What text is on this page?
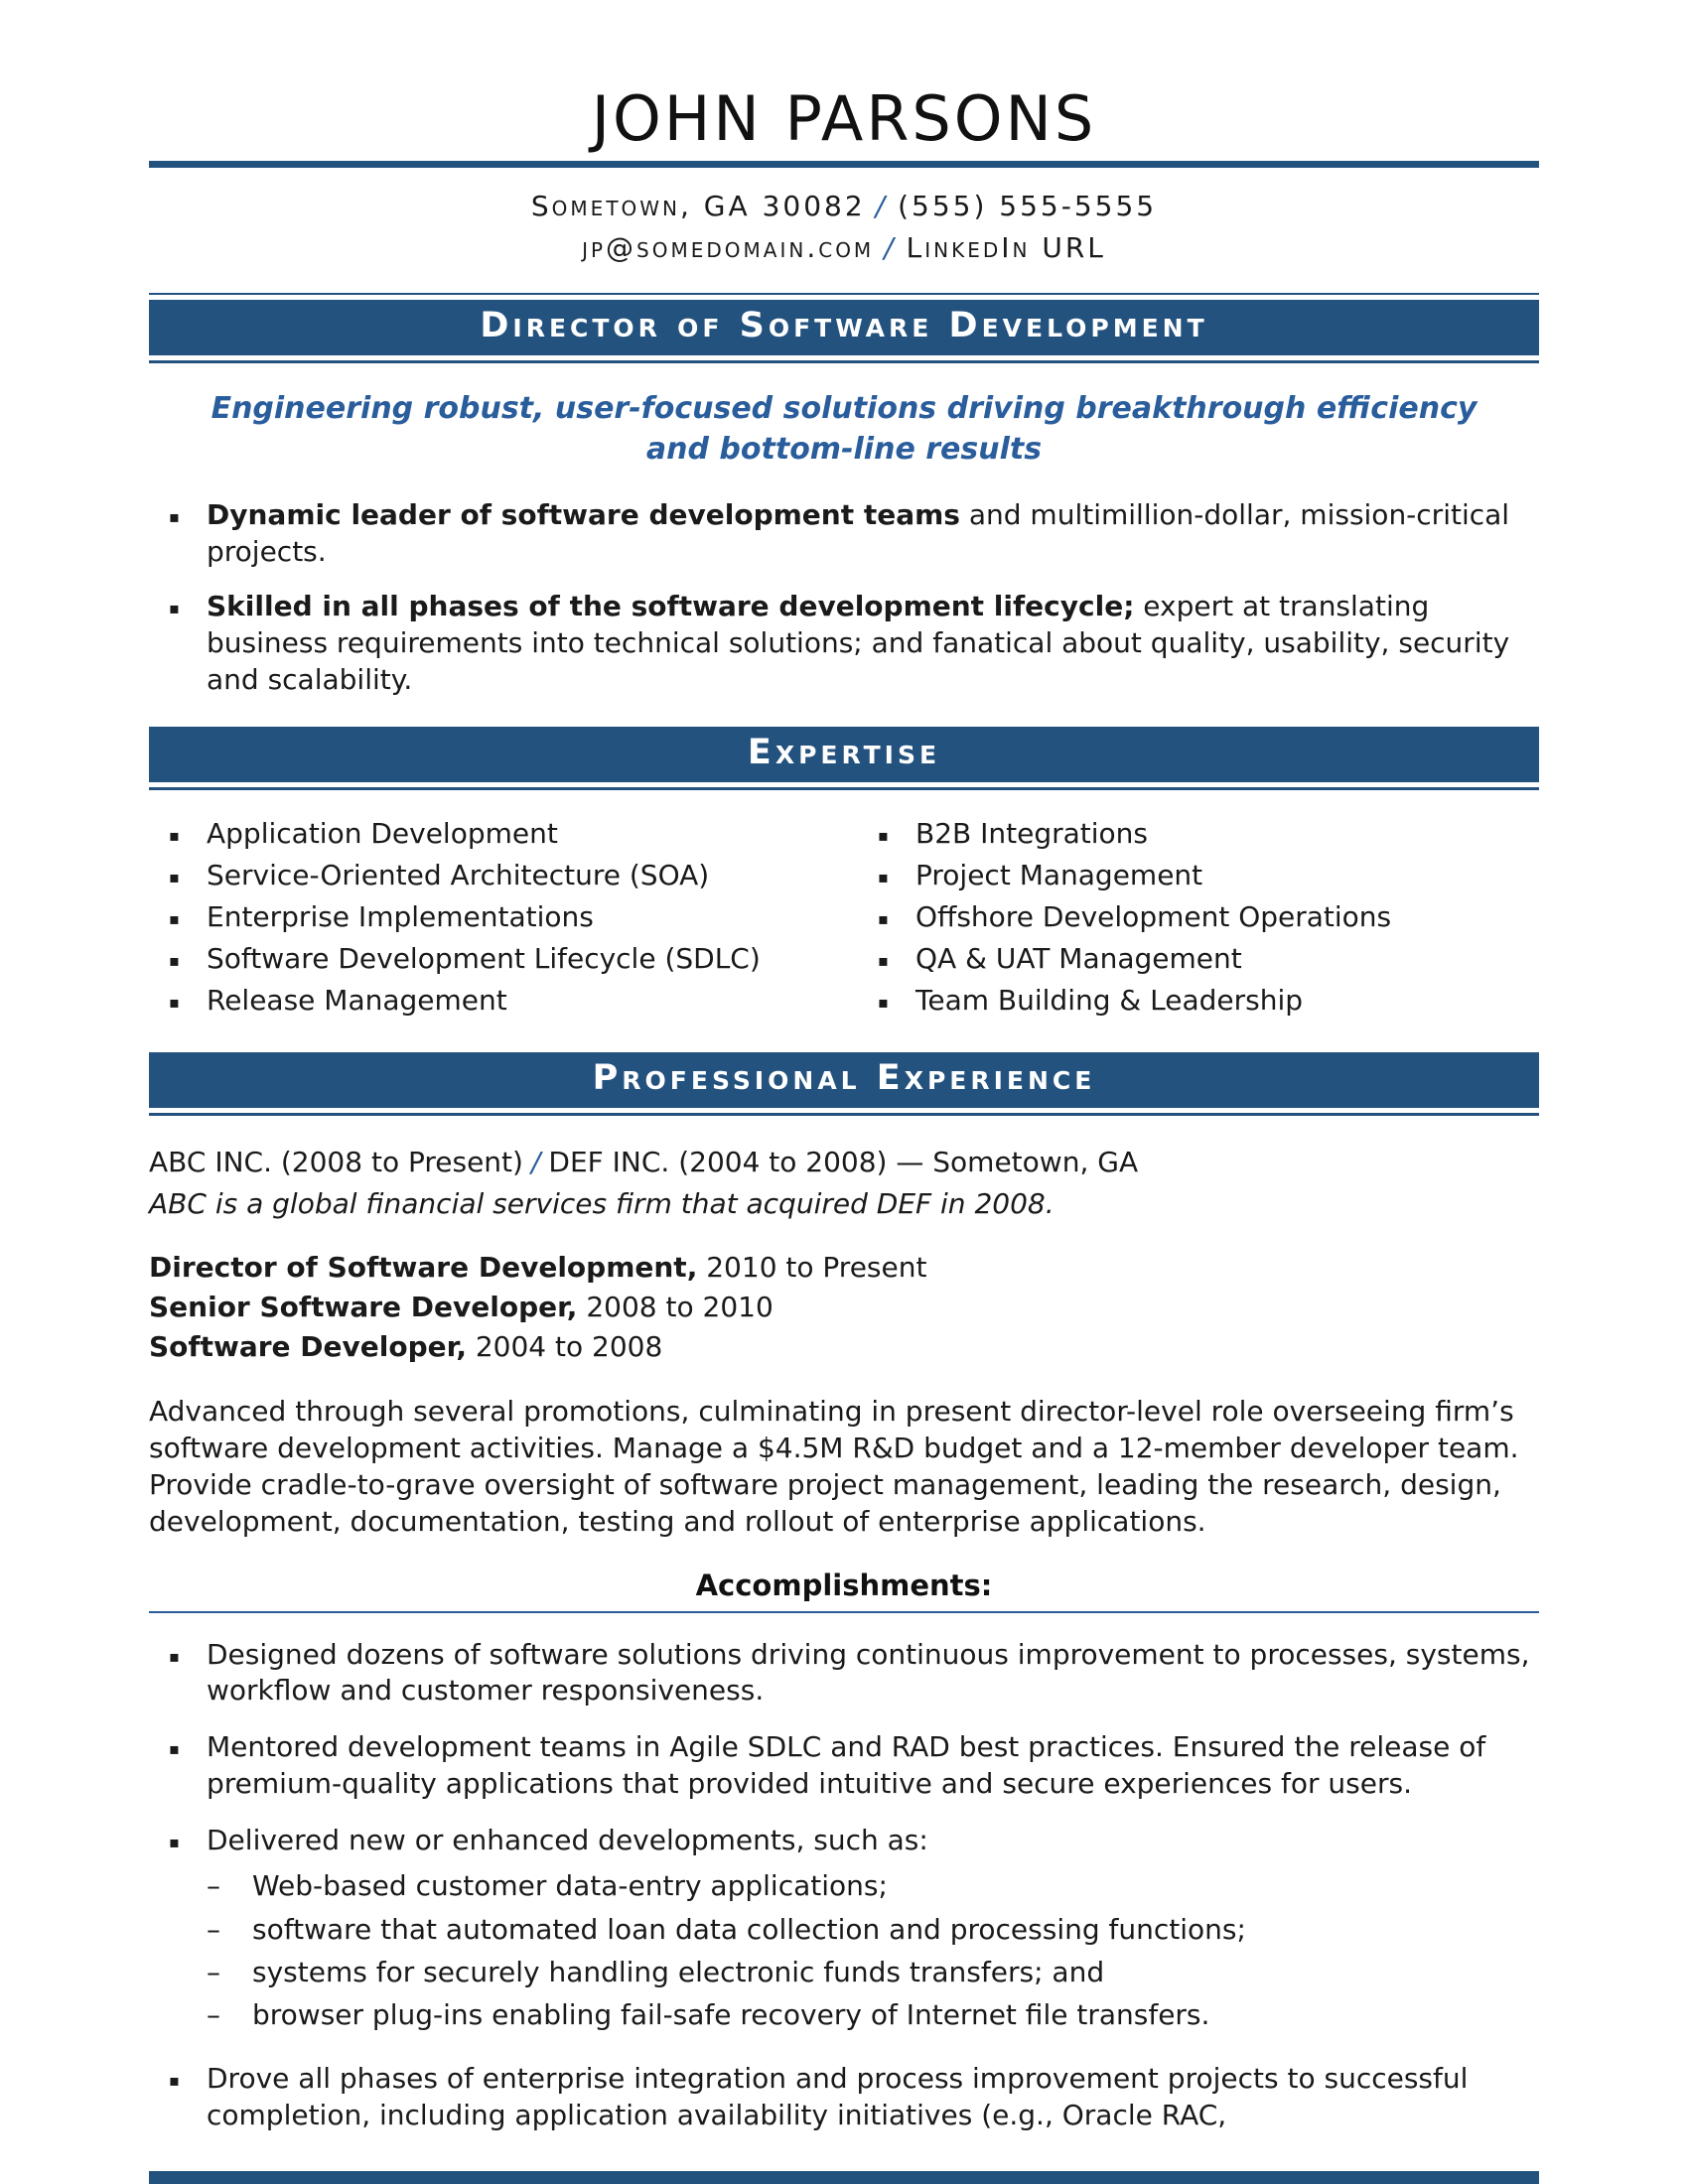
JOHN PARSONS
Sometown, GA 30082 / (555) 555-5555
jp@somedomain.com / LinkedIn URL
Director of Software Development

Engineering robust, user-focused solutions driving breakthrough efficiency and bottom-line results

▪ Dynamic leader of software development teams and multimillion-dollar, mission-critical projects.
▪ Skilled in all phases of the software development lifecycle; expert at translating business requirements into technical solutions; and fanatical about quality, usability, security and scalability.
Expertise
▪ Application Development
▪ Service-Oriented Architecture (SOA)
▪ Enterprise Implementations
▪ Software Development Lifecycle (SDLC)
▪ Release Management
▪ B2B Integrations
▪ Project Management
▪ Offshore Development Operations
▪ QA & UAT Management
▪ Team Building & Leadership
Professional Experience

ABC INC. (2008 to Present) / DEF INC. (2004 to 2008) — Sometown, GA

ABC is a global financial services firm that acquired DEF in 2008.

Director of Software Development, 2010 to Present
Senior Software Developer, 2008 to 2010
Software Developer, 2004 to 2008

Advanced through several promotions, culminating in present director-level role overseeing firm’s software development activities. Manage a $4.5M R&D budget and a 12-member developer team. Provide cradle-to-grave oversight of software project management, leading the research, design, development, documentation, testing and rollout of enterprise applications.

Accomplishments:
▪ Designed dozens of software solutions driving continuous improvement to processes, systems, workflow and customer responsiveness.
▪ Mentored development teams in Agile SDLC and RAD best practices. Ensured the release of premium-quality applications that provided intuitive and secure experiences for users.
▪ Delivered new or enhanced developments, such as:
–	Web-based customer data-entry applications;
–	software that automated loan data collection and processing functions;
–	systems for securely handling electronic funds transfers; and
–	browser plug-ins enabling fail-safe recovery of Internet file transfers.
▪ Drove all phases of enterprise integration and process improvement projects to successful completion, including application availability initiatives (e.g., Oracle RAC,
